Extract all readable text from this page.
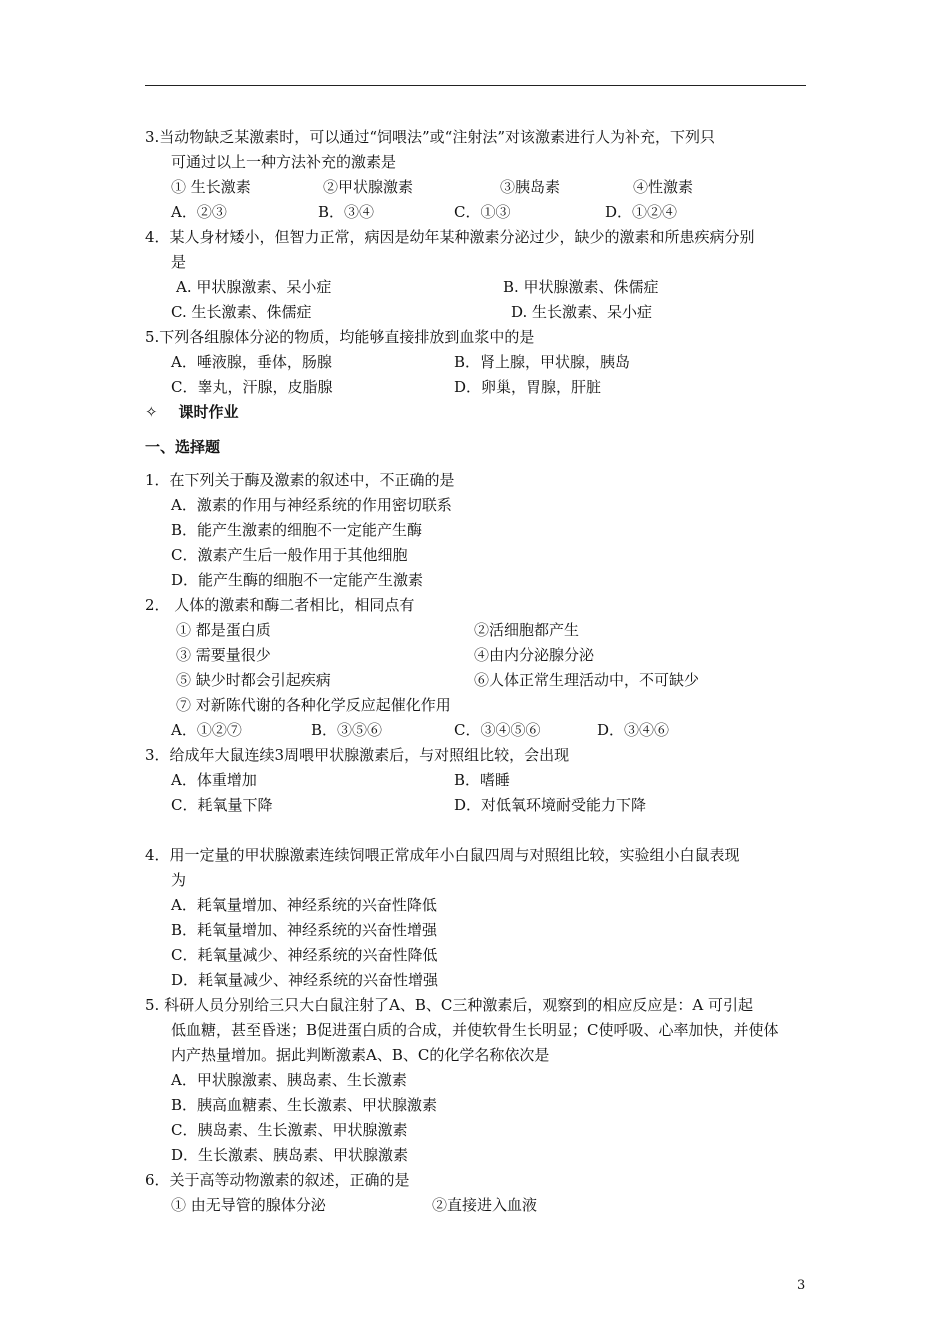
3.当动物缺乏某激素时，可以通过“饲喂法”或“注射法”对该激素进行人为补充，下列只
可通过以上一种方法补充的激素是
① 生长激素	②甲状腺激素	③胰岛素	④性激素
A．②③	B．③④	C．①③	D．①②④
4．某人身材矮小，但智力正常，病因是幼年某种激素分泌过少，缺少的激素和所患疾病分别
是
A. 甲状腺激素、呆小症	B. 甲状腺激素、侏儒症
C. 生长激素、侏儒症	D. 生长激素、呆小症
5.下列各组腺体分泌的物质，均能够直接排放到血浆中的是
A．唾液腺，垂体，肠腺	B．肾上腺，甲状腺，胰岛
C．睾丸，汗腺，皮脂腺	D．卵巢，胃腺，肝脏
✧ 课时作业
一、选择题
1．在下列关于酶及激素的叙述中，不正确的是
A．激素的作用与神经系统的作用密切联系
B．能产生激素的细胞不一定能产生酶
C．激素产生后一般作用于其他细胞
D．能产生酶的细胞不一定能产生激素
2． 人体的激素和酶二者相比，相同点有
① 都是蛋白质	②活细胞都产生
③ 需要量很少	④由内分泌腺分泌
⑤ 缺少时都会引起疾病	⑥人体正常生理活动中，不可缺少
⑦ 对新陈代谢的各种化学反应起催化作用
A．①②⑦	B．③⑤⑥	C．③④⑤⑥	D．③④⑥
3．给成年大鼠连续3周喂甲状腺激素后，与对照组比较，会出现
A．体重增加	B．嗜睡
C．耗氧量下降	D．对低氧环境耐受能力下降
4．用一定量的甲状腺激素连续饲喂正常成年小白鼠四周与对照组比较，实验组小白鼠表现
为
A．耗氧量增加、神经系统的兴奋性降低
B．耗氧量增加、神经系统的兴奋性增强
C．耗氧量减少、神经系统的兴奋性降低
D．耗氧量减少、神经系统的兴奋性增强
5. 科研人员分别给三只大白鼠注射了A、B、C三种激素后，观察到的相应反应是：A 可引起
低血糖，甚至昏迷；B促进蛋白质的合成，并使软骨生长明显；C使呼吸、心率加快，并使体
内产热量增加。据此判断激素A、B、C的化学名称依次是
A．甲状腺激素、胰岛素、生长激素
B．胰高血糖素、生长激素、甲状腺激素
C．胰岛素、生长激素、甲状腺激素
D．生长激素、胰岛素、甲状腺激素
6．关于高等动物激素的叙述，正确的是
① 由无导管的腺体分泌	②直接进入血液
3
